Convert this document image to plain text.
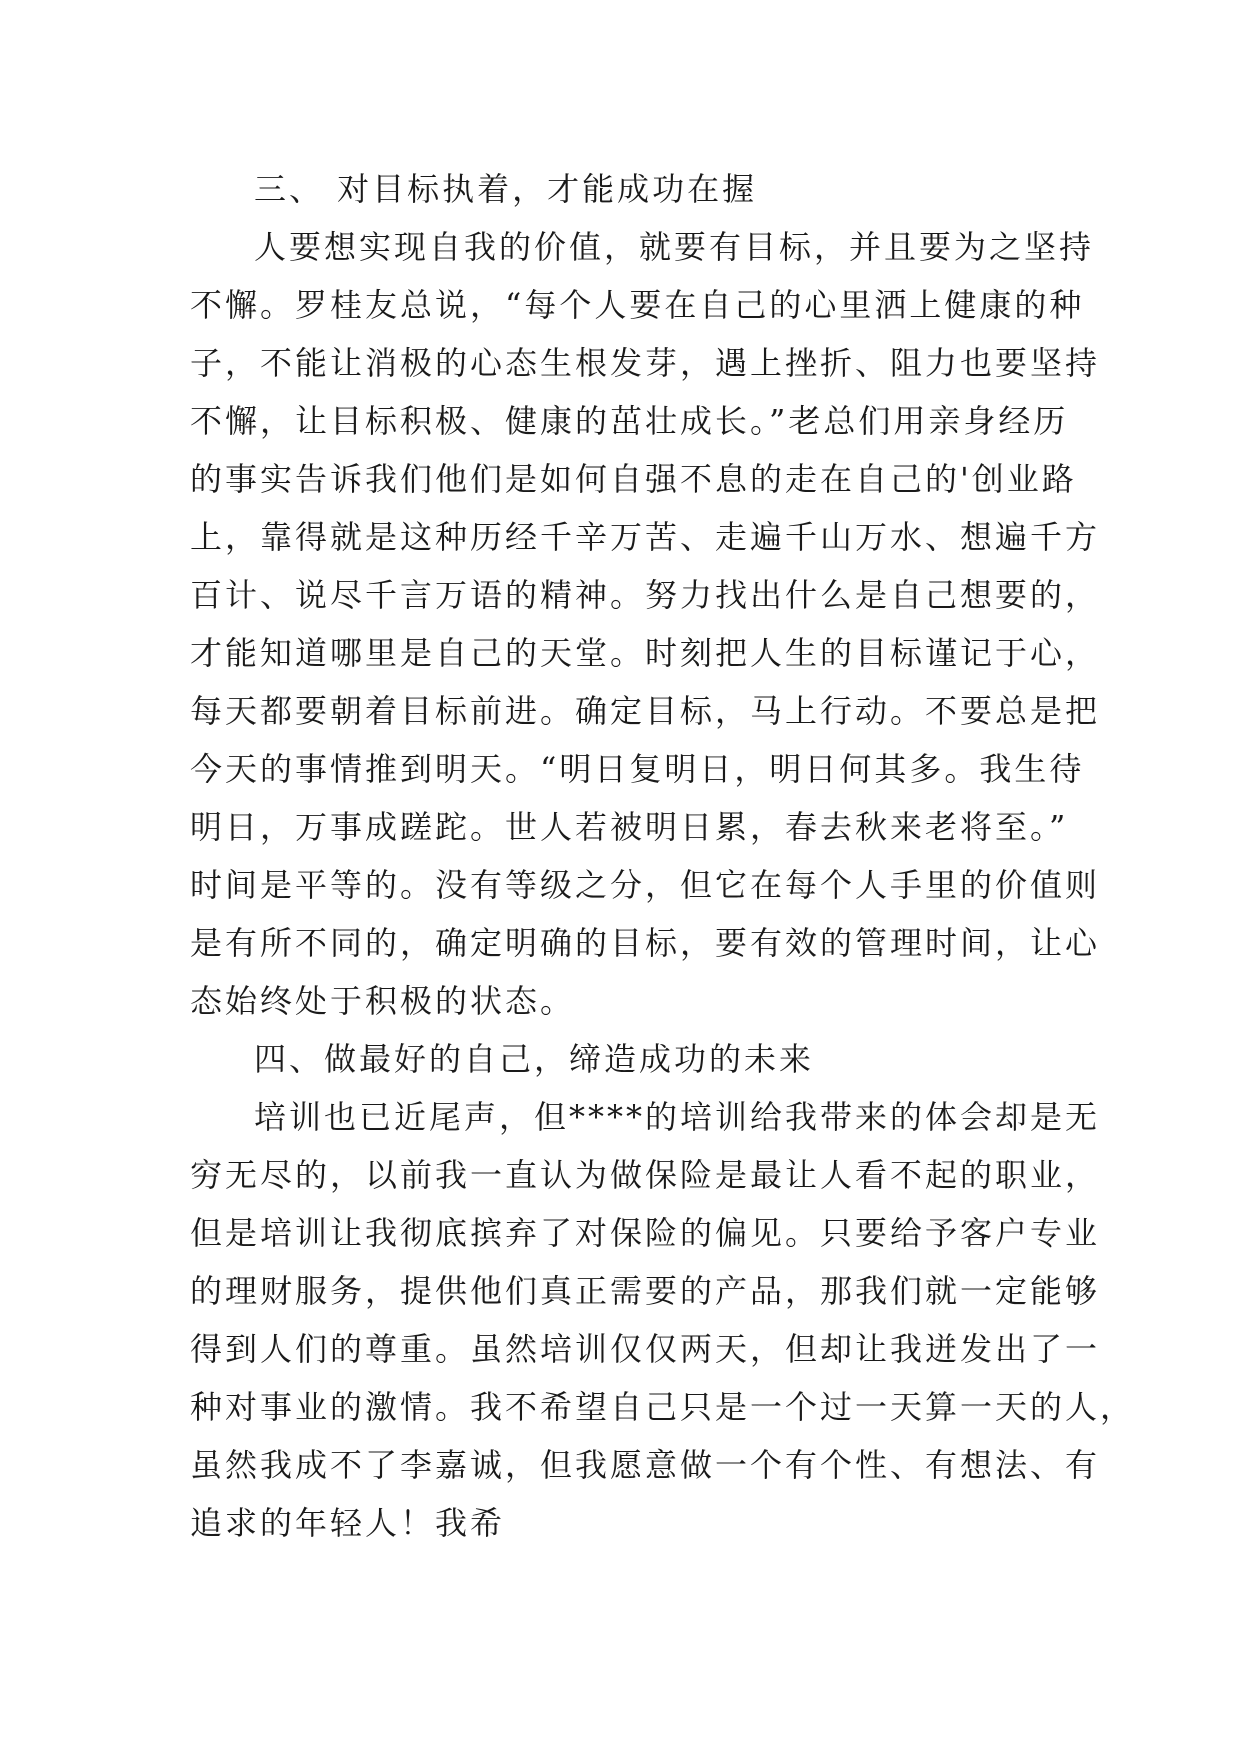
三、 对目标执着，才能成功在握
人要想实现自我的价值，就要有目标，并且要为之坚持
不懈。罗桂友总说，“每个人要在自己的心里洒上健康的种
子，不能让消极的心态生根发芽，遇上挫折、阻力也要坚持
不懈，让目标积极、健康的茁壮成长。”老总们用亲身经历
的事实告诉我们他们是如何自强不息的走在自己的'创业路
上，靠得就是这种历经千辛万苦、走遍千山万水、想遍千方
百计、说尽千言万语的精神。努力找出什么是自己想要的，
才能知道哪里是自己的天堂。时刻把人生的目标谨记于心，
每天都要朝着目标前进。确定目标，马上行动。不要总是把
今天的事情推到明天。“明日复明日，明日何其多。我生待
明日，万事成蹉跎。世人若被明日累，春去秋来老将至。”
时间是平等的。没有等级之分，但它在每个人手里的价值则
是有所不同的，确定明确的目标，要有效的管理时间，让心
态始终处于积极的状态。
四、做最好的自己，缔造成功的未来
培训也已近尾声，但****的培训给我带来的体会却是无
穷无尽的，以前我一直认为做保险是最让人看不起的职业，
但是培训让我彻底摈弃了对保险的偏见。只要给予客户专业
的理财服务，提供他们真正需要的产品，那我们就一定能够
得到人们的尊重。虽然培训仅仅两天，但却让我迸发出了一
种对事业的激情。我不希望自己只是一个过一天算一天的人，
虽然我成不了李嘉诚，但我愿意做一个有个性、有想法、有
追求的年轻人！我希
